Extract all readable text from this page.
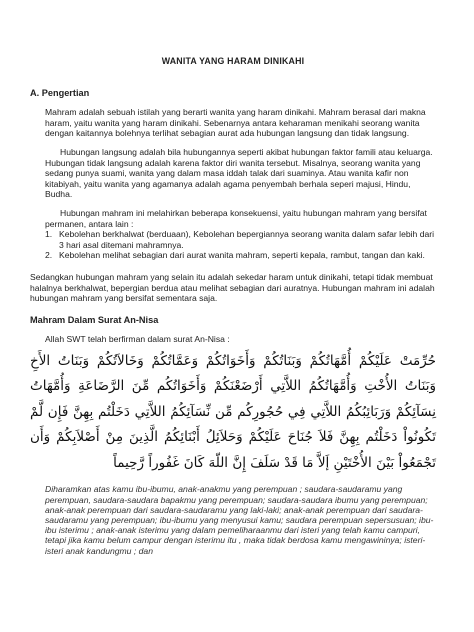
WANITA YANG HARAM DINIKAHI
A. Pengertian

Mahram adalah sebuah istilah yang berarti wanita yang haram dinikahi. Mahram berasal dari makna haram, yaitu wanita yang haram dinikahi. Sebenarnya antara keharaman menikahi seorang wanita dengan kaitannya bolehnya terlihat sebagian aurat ada hubungan langsung dan tidak langsung.

Hubungan langsung adalah bila hubungannya seperti akibat hubungan faktor famili atau keluarga. Hubungan tidak langsung adalah karena faktor diri wanita tersebut. Misalnya, seorang wanita yang sedang punya suami, wanita yang dalam masa iddah talak dari suaminya. Atau wanita kafir non kitabiyah, yaitu wanita yang agamanya adalah agama penyembah berhala seperi majusi, Hindu, Budha.

Hubungan mahram ini melahirkan beberapa konsekuensi, yaitu hubungan mahram yang bersifat permanen, antara lain :

1. Kebolehan berkhalwat (berduaan), Kebolehan bepergiannya seorang wanita dalam safar lebih dari 3 hari asal ditemani mahramnya.
2. Kebolehan melihat sebagian dari aurat wanita mahram, seperti kepala, rambut, tangan dan kaki.

Sedangkan hubungan mahram yang selain itu adalah sekedar haram untuk dinikahi, tetapi tidak membuat halalnya berkhalwat, bepergian berdua atau melihat sebagian dari auratnya. Hubungan mahram ini adalah hubungan mahram yang bersifat sementara saja.

Mahram Dalam Surat An-Nisa

Allah SWT telah berfirman dalam surat An-Nisa :

حُرِّمَتْ عَلَيْكُمْ أُمَّهَاتُكُمْ وَبَنَاتُكُمْ وَأَخَوَاتُكُمْ وَعَمَّاتُكُمْ وَخَالاَتُكُمْ وَبَنَاتُ الأَخِ وَبَنَاتُ الأُخْتِ وَأُمَّهَاتُكُمُ اللاَّتِي أَرْضَعْنَكُمْ وَأَخَوَاتُكُم مِّنَ الرَّضَاعَةِ وَأُمَّهَاتُ نِسَآئِكُمْ وَرَبَائِبُكُمُ اللاَّتِي فِي حُجُورِكُم مِّن نِّسَآئِكُمُ اللاَّتِي دَخَلْتُم بِهِنَّ فَإِن لَّمْ تَكُونُواْ دَخَلْتُم بِهِنَّ فَلاَ جُنَاحَ عَلَيْكُمْ وَحَلاَئِلُ أَبْنَائِكُمُ الَّذِينَ مِنْ أَصْلاَبِكُمْ وَأَن تَجْمَعُواْ بَيْنَ الأُخْتَيْنِ إَلاَّ مَا قَدْ سَلَفَ إِنَّ اللّهَ كَانَ غَفُوراً رَّحِيماً

Diharamkan atas kamu ibu-ibumu, anak-anakmu yang perempuan ; saudara-saudaramu yang perempuan, saudara-saudara bapakmu yang perempuan; saudara-saudara ibumu yang perempuan; anak-anak perempuan dari saudara-saudaramu yang laki-laki; anak-anak perempuan dari saudara-saudaramu yang perempuan; ibu-ibumu yang menyusui kamu; saudara perempuan sepersusuan; ibu-ibu isterimu ; anak-anak isterimu yang dalam pemeliharaanmu dari isteri yang telah kamu campuri, tetapi jika kamu belum campur dengan isterimu itu , maka tidak berdosa kamu mengawininya; isteri-isteri anak kandungmu ; dan
